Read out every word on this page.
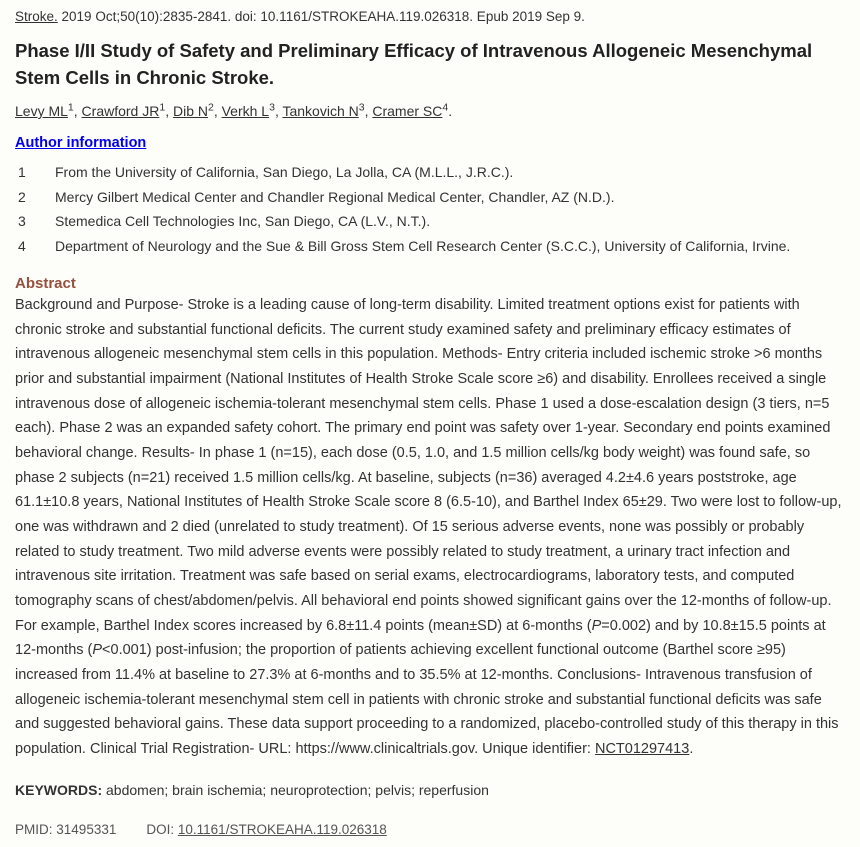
Stroke. 2019 Oct;50(10):2835-2841. doi: 10.1161/STROKEAHA.119.026318. Epub 2019 Sep 9.
Phase I/II Study of Safety and Preliminary Efficacy of Intravenous Allogeneic Mesenchymal Stem Cells in Chronic Stroke.
Levy $ML^1$, Crawford $JR^1$, Dib $N^2$, Verkh $L^3$, Tankovich $N^3$, Cramer $SC^4$.
Author information
1	From the University of California, San Diego, La Jolla, CA (M.L.L., J.R.C.).
2	Mercy Gilbert Medical Center and Chandler Regional Medical Center, Chandler, AZ (N.D.).
3	Stemedica Cell Technologies Inc, San Diego, CA (L.V., N.T.).
4	Department of Neurology and the Sue & Bill Gross Stem Cell Research Center (S.C.C.), University of California, Irvine.
Abstract
Background and Purpose- Stroke is a leading cause of long-term disability. Limited treatment options exist for patients with chronic stroke and substantial functional deficits. The current study examined safety and preliminary efficacy estimates of intravenous allogeneic mesenchymal stem cells in this population. Methods- Entry criteria included ischemic stroke >6 months prior and substantial impairment (National Institutes of Health Stroke Scale score ≥6) and disability. Enrollees received a single intravenous dose of allogeneic ischemia-tolerant mesenchymal stem cells. Phase 1 used a dose-escalation design (3 tiers, n=5 each). Phase 2 was an expanded safety cohort. The primary end point was safety over 1-year. Secondary end points examined behavioral change. Results- In phase 1 (n=15), each dose (0.5, 1.0, and 1.5 million cells/kg body weight) was found safe, so phase 2 subjects (n=21) received 1.5 million cells/kg. At baseline, subjects (n=36) averaged 4.2±4.6 years poststroke, age 61.1±10.8 years, National Institutes of Health Stroke Scale score 8 (6.5-10), and Barthel Index 65±29. Two were lost to follow-up, one was withdrawn and 2 died (unrelated to study treatment). Of 15 serious adverse events, none was possibly or probably related to study treatment. Two mild adverse events were possibly related to study treatment, a urinary tract infection and intravenous site irritation. Treatment was safe based on serial exams, electrocardiograms, laboratory tests, and computed tomography scans of chest/abdomen/pelvis. All behavioral end points showed significant gains over the 12-months of follow-up. For example, Barthel Index scores increased by 6.8±11.4 points (mean±SD) at 6-months (P=0.002) and by 10.8±15.5 points at 12-months (P<0.001) post-infusion; the proportion of patients achieving excellent functional outcome (Barthel score ≥95) increased from 11.4% at baseline to 27.3% at 6-months and to 35.5% at 12-months. Conclusions- Intravenous transfusion of allogeneic ischemia-tolerant mesenchymal stem cell in patients with chronic stroke and substantial functional deficits was safe and suggested behavioral gains. These data support proceeding to a randomized, placebo-controlled study of this therapy in this population. Clinical Trial Registration- URL: https://www.clinicaltrials.gov. Unique identifier: NCT01297413.
KEYWORDS: abdomen; brain ischemia; neuroprotection; pelvis; reperfusion
PMID: 31495331 DOI: 10.1161/STROKEAHA.119.026318
